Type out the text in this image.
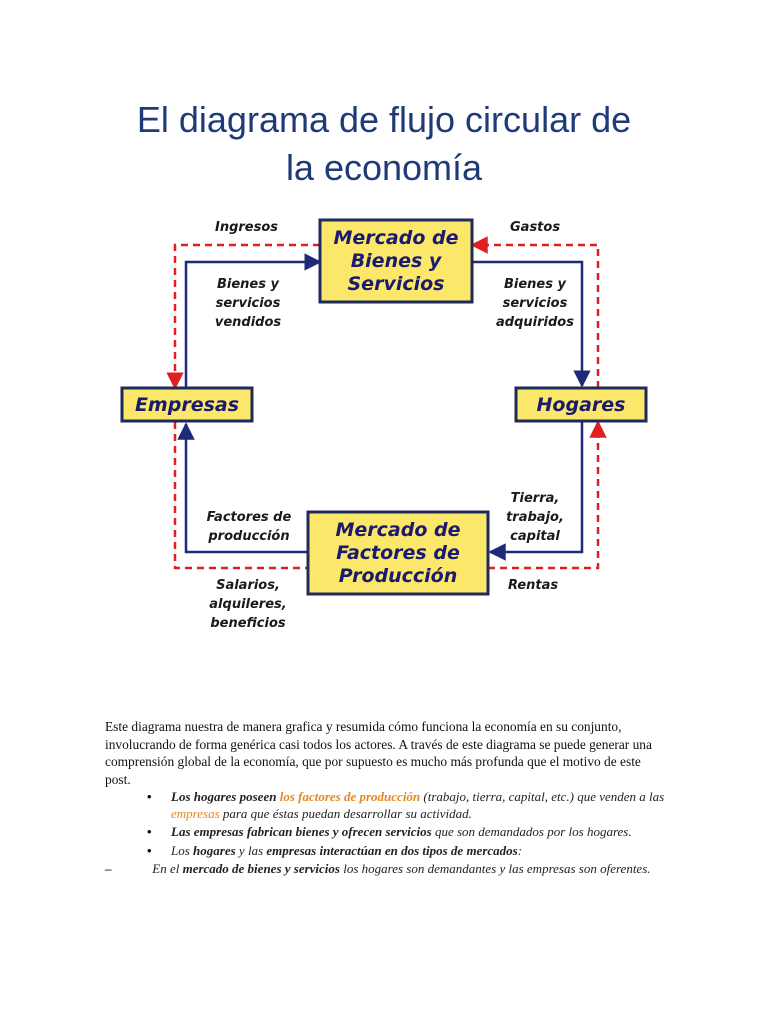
El diagrama de flujo circular de
la economía
Mercado de
Bienes y
Servicios
Empresas	Hogares
Mercado de
Factores de
Producción
Ingresos	Gastos
Bienes y
servicios
vendidos
Bienes y
servicios
adquiridos
Factores de
producción
Tierra,
trabajo,
capital
Salarios,
alquileres,
beneficios
Rentas

Este diagrama nuestra de manera grafica y resumida cómo funciona la economía en su conjunto, involucrando de forma genérica casi todos los actores. A través de este diagrama se puede generar una comprensión global de la economía, que por supuesto es mucho más profunda que el motivo de este post.

• Los hogares poseen los factores de producción (trabajo, tierra, capital, etc.) que venden a las empresas para que éstas puedan desarrollar su actividad.
• Las empresas fabrican bienes y ofrecen servicios que son demandados por los hogares.
• Los hogares y las empresas interactúan en dos tipos de mercados:
–	En el mercado de bienes y servicios los hogares son demandantes y las empresas son oferentes.
